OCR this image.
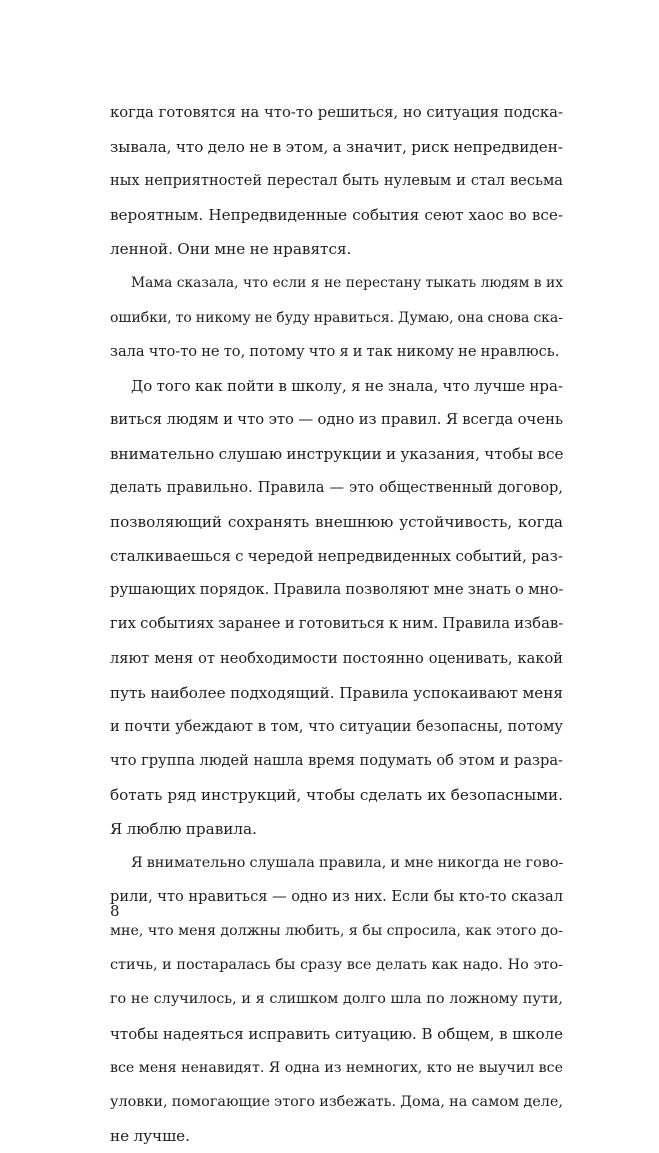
когда готовятся на что-то решиться, но ситуация подска-
зывала, что дело не в этом, а значит, риск непредвиден-
ных неприятностей перестал быть нулевым и стал весьма
вероятным. Непредвиденные события сеют хаос во все-
ленной. Они мне не нравятся.
Мама сказала, что если я не перестану тыкать людям в их
ошибки, то никому не буду нравиться. Думаю, она снова ска-
зала что-то не то, потому что я и так никому не нравлюсь.
До того как пойти в школу, я не знала, что лучше нра-
виться людям и что это — одно из правил. Я всегда очень
внимательно слушаю инструкции и указания, чтобы все
делать правильно. Правила — это общественный договор,
позволяющий сохранять внешнюю устойчивость, когда
сталкиваешься с чередой непредвиденных событий, раз-
рушающих порядок. Правила позволяют мне знать о мно-
гих событиях заранее и готовиться к ним. Правила избав-
ляют меня от необходимости постоянно оценивать, какой
путь наиболее подходящий. Правила успокаивают меня
и почти убеждают в том, что ситуации безопасны, потому
что группа людей нашла время подумать об этом и разра-
ботать ряд инструкций, чтобы сделать их безопасными.
Я люблю правила.
Я внимательно слушала правила, и мне никогда не гово-
рили, что нравиться — одно из них. Если бы кто-то сказал
мне, что меня должны любить, я бы спросила, как этого до-
стичь, и постаралась бы сразу все делать как надо. Но это-
го не случилось, и я слишком долго шла по ложному пути,
чтобы надеяться исправить ситуацию. В общем, в школе
все меня ненавидят. Я одна из немногих, кто не выучил все
уловки, помогающие этого избежать. Дома, на самом деле,
не лучше.
8
